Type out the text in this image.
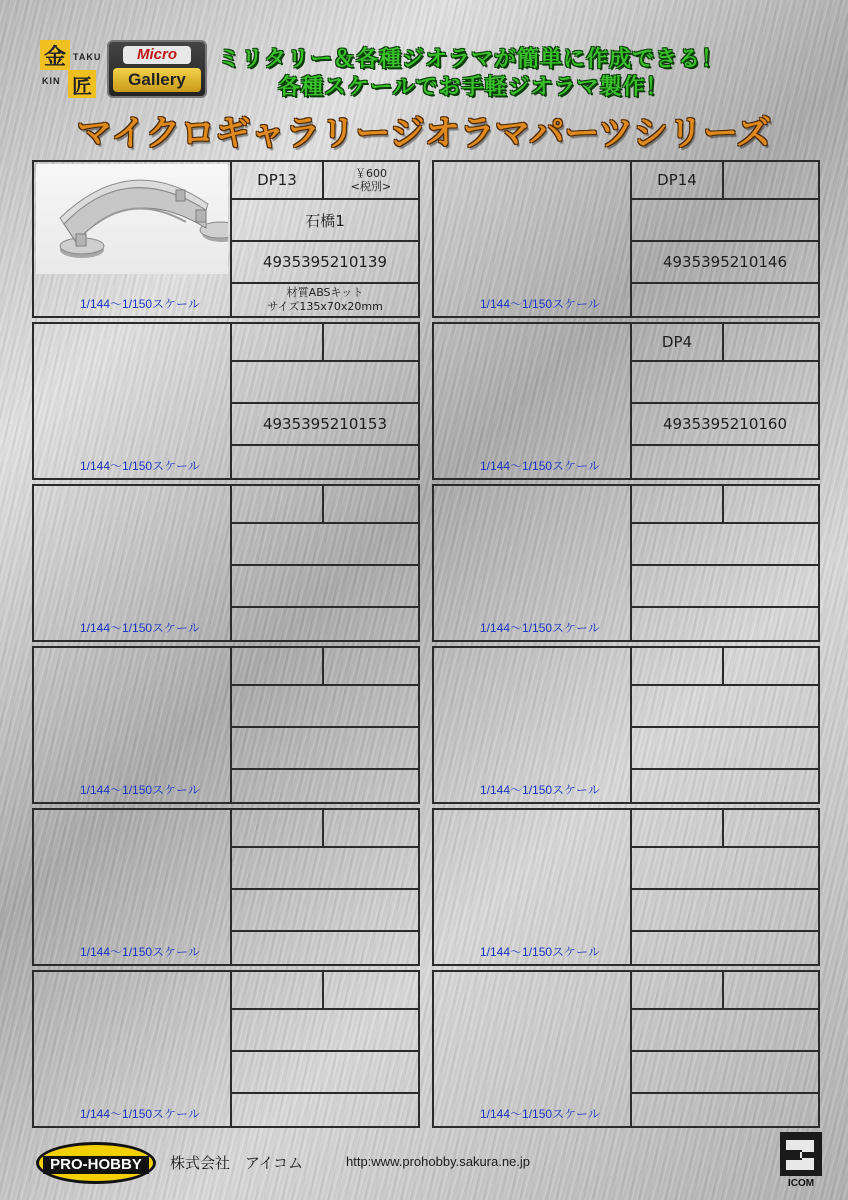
金 TAKU
KIN 匠
Micro
Gallery
ミリタリー＆各種ジオラマが簡単に作成できる！
各種スケールでお手軽ジオラマ製作！
マイクロギャラリージオラマパーツシリーズ
1/144～1/150スケール
DP13	￥600
<税別>
石橋1
4935395210139
材質ABSキット
サイズ135x70x20mm	1/144～1/150スケール
DP14
4935395210146
1/144～1/150スケール
4935395210153
1/144～1/150スケール
DP4
4935395210160
1/144～1/150スケール	1/144～1/150スケール
1/144～1/150スケール	1/144～1/150スケール
1/144～1/150スケール	1/144～1/150スケール
1/144～1/150スケール	1/144～1/150スケール
PRO-HOBBY	株式会社　アイコム	http:www.prohobby.sakura.ne.jp
ICOM
